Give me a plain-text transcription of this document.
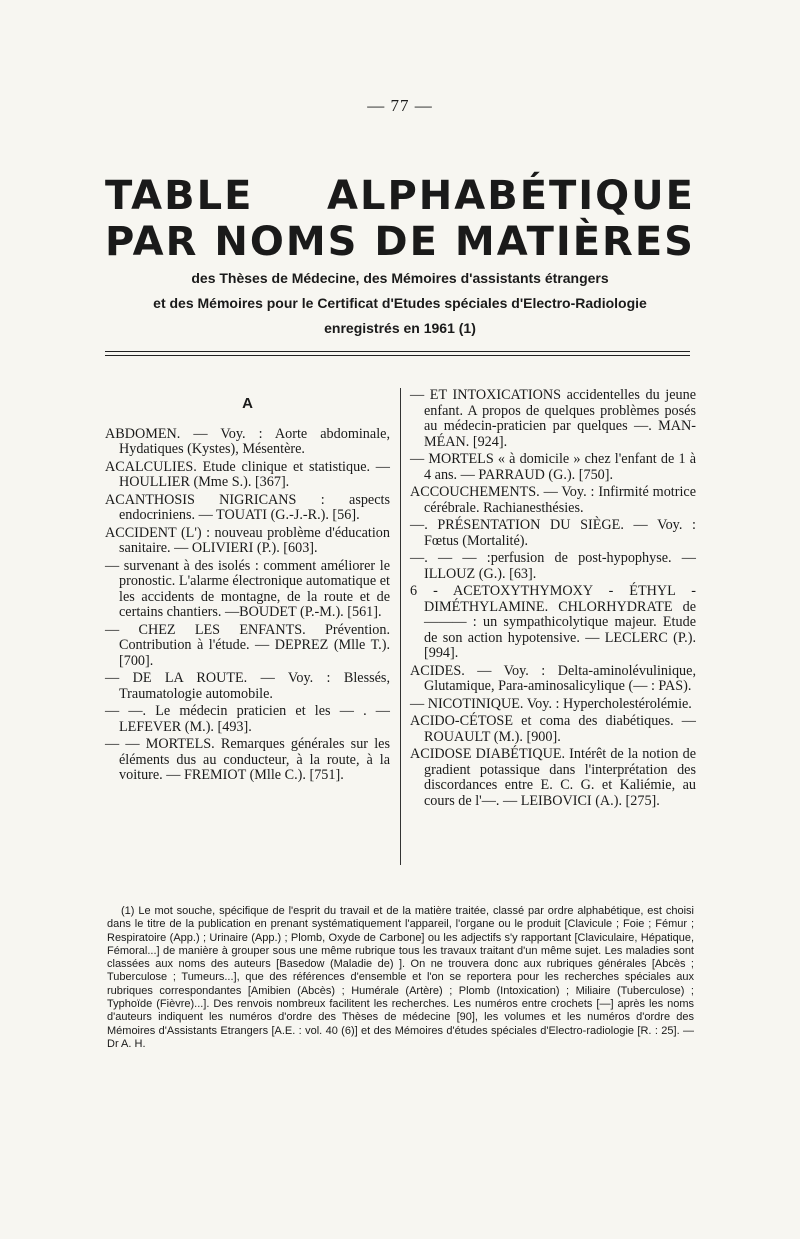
— 77 —
TABLE ALPHABÉTIQUE
PAR NOMS DE MATIÈRES
des Thèses de Médecine, des Mémoires d'assistants étrangers
et des Mémoires pour le Certificat d'Etudes spéciales d'Electro-Radiologie
enregistrés en 1961 (1)
A

ABDOMEN. — Voy. : Aorte abdominale, Hydatiques (Kystes), Mésentère.

ACALCULIES. Etude clinique et statistique. — HOULLIER (Mme S.). [367].

ACANTHOSIS NIGRICANS : aspects endocriniens. — TOUATI (G.-J.-R.). [56].

ACCIDENT (L') : nouveau problème d'éducation sanitaire. — OLIVIERI (P.). [603].

— survenant à des isolés : comment améliorer le pronostic. L'alarme électronique automatique et les accidents de montagne, de la route et de certains chantiers. —BOUDET (P.-M.). [561].

— CHEZ LES ENFANTS. Prévention. Contribution à l'étude. — DEPREZ (Mlle T.). [700].

— DE LA ROUTE. — Voy. : Blessés, Traumatologie automobile.

— —. Le médecin praticien et les — . — LEFEVER (M.). [493].

— — MORTELS. Remarques générales sur les éléments dus au conducteur, à la route, à la voiture. — FREMIOT (Mlle C.). [751].

— ET INTOXICATIONS accidentelles du jeune enfant. A propos de quelques problèmes posés au médecin-praticien par quelques —. MAN-MÉAN. [924].

— MORTELS « à domicile » chez l'enfant de 1 à 4 ans. — PARRAUD (G.). [750].

ACCOUCHEMENTS. — Voy. : Infirmité motrice cérébrale. Rachianesthésies.

—. PRÉSENTATION DU SIÈGE. — Voy. : Fœtus (Mortalité).

—. — — :perfusion de post-hypophyse. — ILLOUZ (G.). [63].

6 - ACETOXYTHYMOXY - ÉTHYL - DIMÉTHYLAMINE. CHLORHYDRATE de ——— : un sympathicolytique majeur. Etude de son action hypotensive. — LECLERC (P.). [994].

ACIDES. — Voy. : Delta-aminolévulinique, Glutamique, Para-aminosalicylique (— : PAS).

— NICOTINIQUE. Voy. : Hypercholestérolémie.

ACIDO-CÉTOSE et coma des diabétiques. — ROUAULT (M.). [900].

ACIDOSE DIABÉTIQUE. Intérêt de la notion de gradient potassique dans l'interprétation des discordances entre E. C. G. et Kaliémie, au cours de l'—. — LEIBOVICI (A.). [275].

(1) Le mot souche, spécifique de l'esprit du travail et de la matière traitée, classé par ordre alphabétique, est choisi dans le titre de la publication en prenant systématiquement l'appareil, l'organe ou le produit [Clavicule ; Foie ; Fémur ; Respiratoire (App.) ; Urinaire (App.) ; Plomb, Oxyde de Carbone] ou les adjectifs s'y rapportant [Claviculaire, Hépatique, Fémoral...] de manière à grouper sous une même rubrique tous les travaux traitant d'un même sujet. Les maladies sont classées aux noms des auteurs [Basedow (Maladie de) ]. On ne trouvera donc aux rubriques générales [Abcès ; Tuberculose ; Tumeurs...], que des références d'ensemble et l'on se reportera pour les recherches spéciales aux rubriques correspondantes [Amibien (Abcès) ; Humérale (Artère) ; Plomb (Intoxication) ; Miliaire (Tuberculose) ; Typhoïde (Fièvre)...]. Des renvois nombreux facilitent les recherches. Les numéros entre crochets [—] après les noms d'auteurs indiquent les numéros d'ordre des Thèses de médecine [90], les volumes et les numéros d'ordre des Mémoires d'Assistants Etrangers [A.E. : vol. 40 (6)] et des Mémoires d'études spéciales d'Electro-radiologie [R. : 25]. — Dr A. H.
